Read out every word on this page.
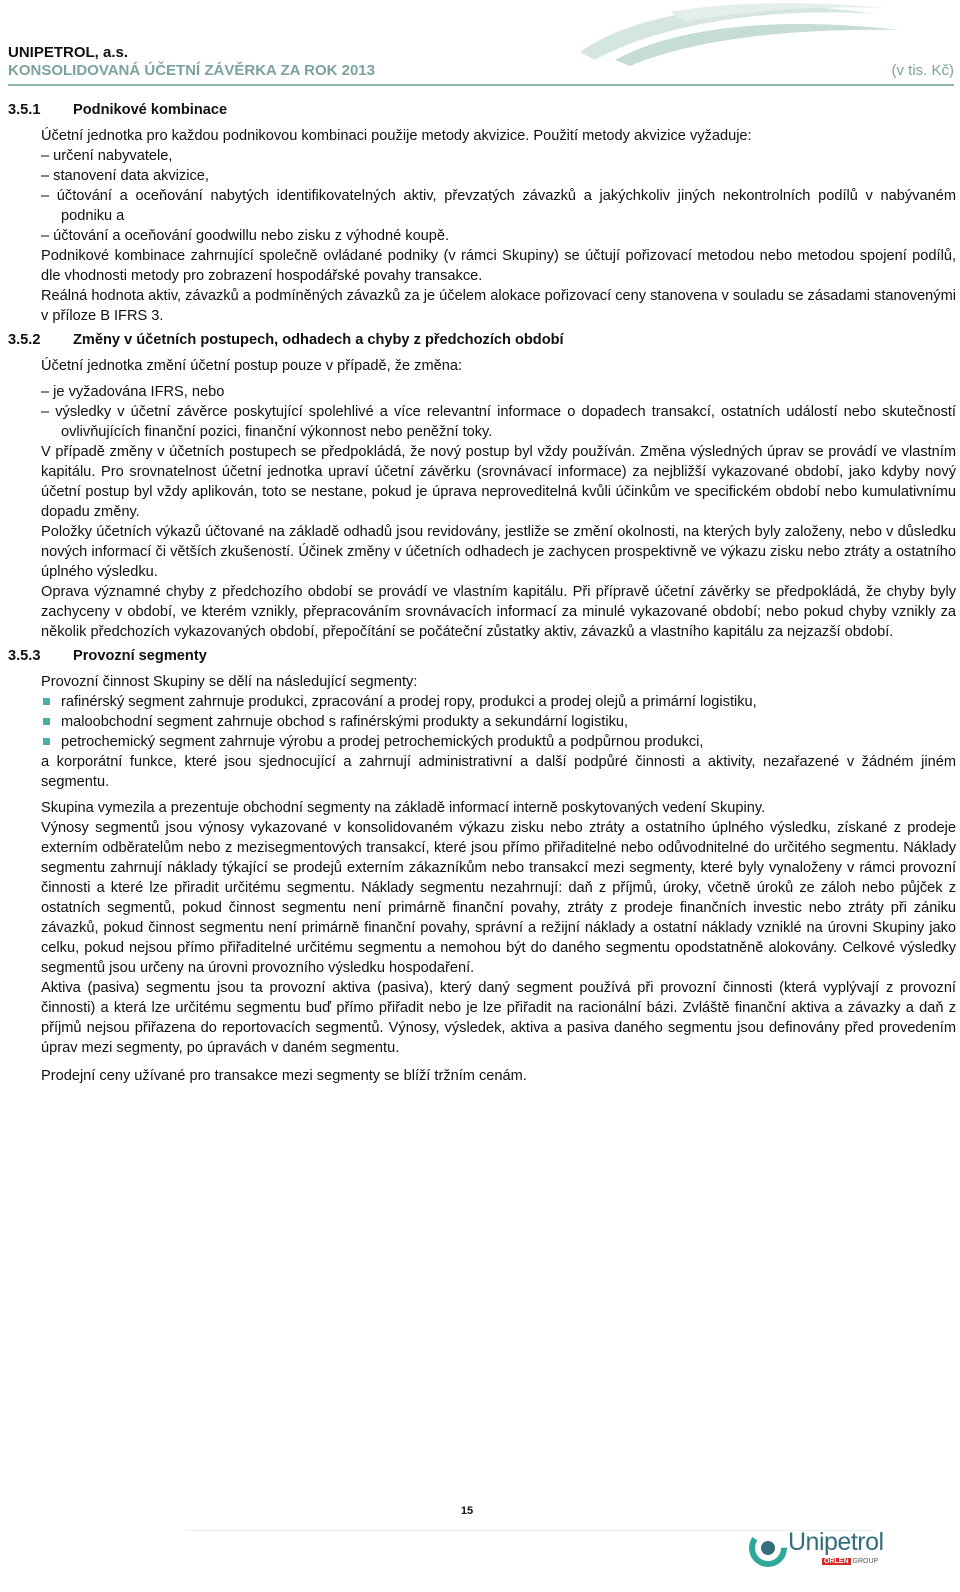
UNIPETROL, a.s.
KONSOLIDOVANÁ ÚČETNÍ ZÁVĚRKA ZA ROK 2013	(v tis. Kč)
3.5.1 Podnikové kombinace

Účetní jednotka pro každou podnikovou kombinaci použije metody akvizice. Použití metody akvizice vyžaduje:

– určení nabyvatele,

– stanovení data akvizice,

– účtování a oceňování nabytých identifikovatelných aktiv, převzatých závazků a jakýchkoliv jiných nekontrolních podílů v nabývaném podniku a

– účtování a oceňování goodwillu nebo zisku z výhodné koupě.

Podnikové kombinace zahrnující společně ovládané podniky (v rámci Skupiny) se účtují pořizovací metodou nebo metodou spojení podílů, dle vhodnosti metody pro zobrazení hospodářské povahy transakce.

Reálná hodnota aktiv, závazků a podmíněných závazků za je účelem alokace pořizovací ceny stanovena v souladu se zásadami stanovenými v příloze B IFRS 3.

3.5.2 Změny v účetních postupech, odhadech a chyby z předchozích období

Účetní jednotka změní účetní postup pouze v případě, že změna:

– je vyžadována IFRS, nebo

– výsledky v účetní závěrce poskytující spolehlivé a více relevantní informace o dopadech transakcí, ostatních událostí nebo skutečností ovlivňujících finanční pozici, finanční výkonnost nebo peněžní toky.

V případě změny v účetních postupech se předpokládá, že nový postup byl vždy používán. Změna výsledných úprav se provádí ve vlastním kapitálu. Pro srovnatelnost účetní jednotka upraví účetní závěrku (srovnávací informace) za nejbližší vykazované období, jako kdyby nový účetní postup byl vždy aplikován, toto se nestane, pokud je úprava neproveditelná kvůli účinkům ve specifickém období nebo kumulativnímu dopadu změny.

Položky účetních výkazů účtované na základě odhadů jsou revidovány, jestliže se změní okolnosti, na kterých byly založeny, nebo v důsledku nových informací či větších zkušeností. Účinek změny v účetních odhadech je zachycen prospektivně ve výkazu zisku nebo ztráty a ostatního úplného výsledku.

Oprava významné chyby z předchozího období se provádí ve vlastním kapitálu. Při přípravě účetní závěrky se předpokládá, že chyby byly zachyceny v období, ve kterém vznikly, přepracováním srovnávacích informací za minulé vykazované období; nebo pokud chyby vznikly za několik předchozích vykazovaných období, přepočítání se počáteční zůstatky aktiv, závazků a vlastního kapitálu za nejzazší období.

3.5.3 Provozní segmenty

Provozní činnost Skupiny se dělí na následující segmenty:

rafinérský segment zahrnuje produkci, zpracování a prodej ropy, produkci a prodej olejů a primární logistiku,

maloobchodní segment zahrnuje obchod s rafinérskými produkty a sekundární logistiku,

petrochemický segment zahrnuje výrobu a prodej petrochemických produktů a podpůrnou produkci,

a korporátní funkce, které jsou sjednocující a zahrnují administrativní a další podpůré činnosti a aktivity, nezařazené v žádném jiném segmentu.

Skupina vymezila a prezentuje obchodní segmenty na základě informací interně poskytovaných vedení Skupiny.

Výnosy segmentů jsou výnosy vykazované v konsolidovaném výkazu zisku nebo ztráty a ostatního úplného výsledku, získané z prodeje externím odběratelům nebo z mezisegmentových transakcí, které jsou přímo přiřaditelné nebo odůvodnitelné do určitého segmentu. Náklady segmentu zahrnují náklady týkající se prodejů externím zákazníkům nebo transakcí mezi segmenty, které byly vynaloženy v rámci provozní činnosti a které lze přiradit určitému segmentu. Náklady segmentu nezahrnují: daň z příjmů, úroky, včetně úroků ze záloh nebo půjček z ostatních segmentů, pokud činnost segmentu není primárně finanční povahy, ztráty z prodeje finančních investic nebo ztráty při zániku závazků, pokud činnost segmentu není primárně finanční povahy, správní a režijní náklady a ostatní náklady vzniklé na úrovni Skupiny jako celku, pokud nejsou přímo přiřaditelné určitému segmentu a nemohou být do daného segmentu opodstatněně alokovány. Celkové výsledky segmentů jsou určeny na úrovni provozního výsledku hospodaření.

Aktiva (pasiva) segmentu jsou ta provozní aktiva (pasiva), který daný segment používá při provozní činnosti (která vyplývají z provozní činnosti) a která lze určitému segmentu buď přímo přiřadit nebo je lze přiřadit na racionální bázi. Zvláště finanční aktiva a závazky a daň z příjmů nejsou přiřazena do reportovacích segmentů. Výnosy, výsledek, aktiva a pasiva daného segmentu jsou definovány před provedením úprav mezi segmenty, po úpravách v daném segmentu.

Prodejní ceny užívané pro transakce mezi segmenty se blíží tržním cenám.

15
Unipetrol
ORLEN GROUP
